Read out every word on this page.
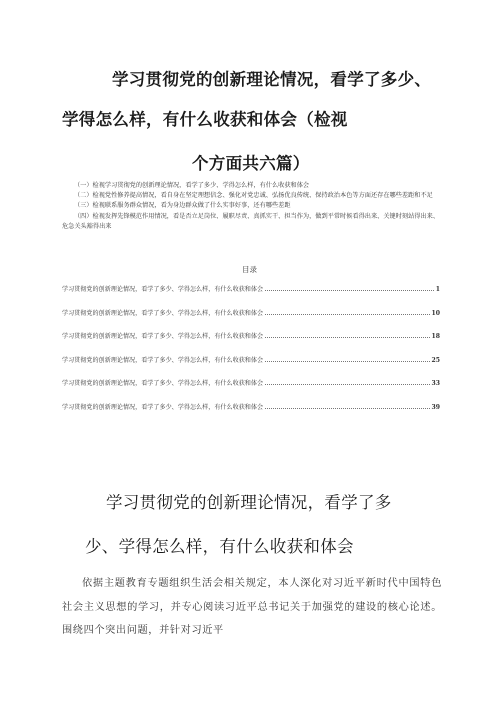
学习贯彻党的创新理论情况，看学了多少、
学得怎么样，有什么收获和体会（检视
个方面共六篇）

（一）检视学习贯彻党的创新理论情况，看学了多少、学得怎么样，有什么收获和体会

（二）检视党性修养提高情况，看自身在坚定理想信念、强化对党忠诚、弘扬优良传统、保持政治本色等方面还存在哪些差距和不足

（三）检视联系服务群众情况，看为身边群众做了什么实事好事，还有哪些差距

（四）检视发挥先锋模范作用情况，看是否立足岗位、履职尽责、真抓实干、担当作为，做到平常时候看得出来、关键时刻站得出来、危急关头豁得出来

目录
学习贯彻党的创新理论情况，看学了多少、学得怎么样，有什么收获和体会	1
学习贯彻党的创新理论情况，看学了多少、学得怎么样，有什么收获和体会	10
学习贯彻党的创新理论情况，看学了多少、学得怎么样，有什么收获和体会	18
学习贯彻党的创新理论情况，看学了多少、学得怎么样，有什么收获和体会	25
学习贯彻党的创新理论情况，看学了多少、学得怎么样，有什么收获和体会	33
学习贯彻党的创新理论情况，看学了多少、学得怎么样，有什么收获和体会	39
学习贯彻党的创新理论情况，看学了多
少、学得怎么样，有什么收获和体会
依据主题教育专题组织生活会相关规定，本人深化对习近平新时代中国特色社会主义思想的学习，并专心阅读习近平总书记关于加强党的建设的核心论述。围绕四个突出问题，并针对习近平
